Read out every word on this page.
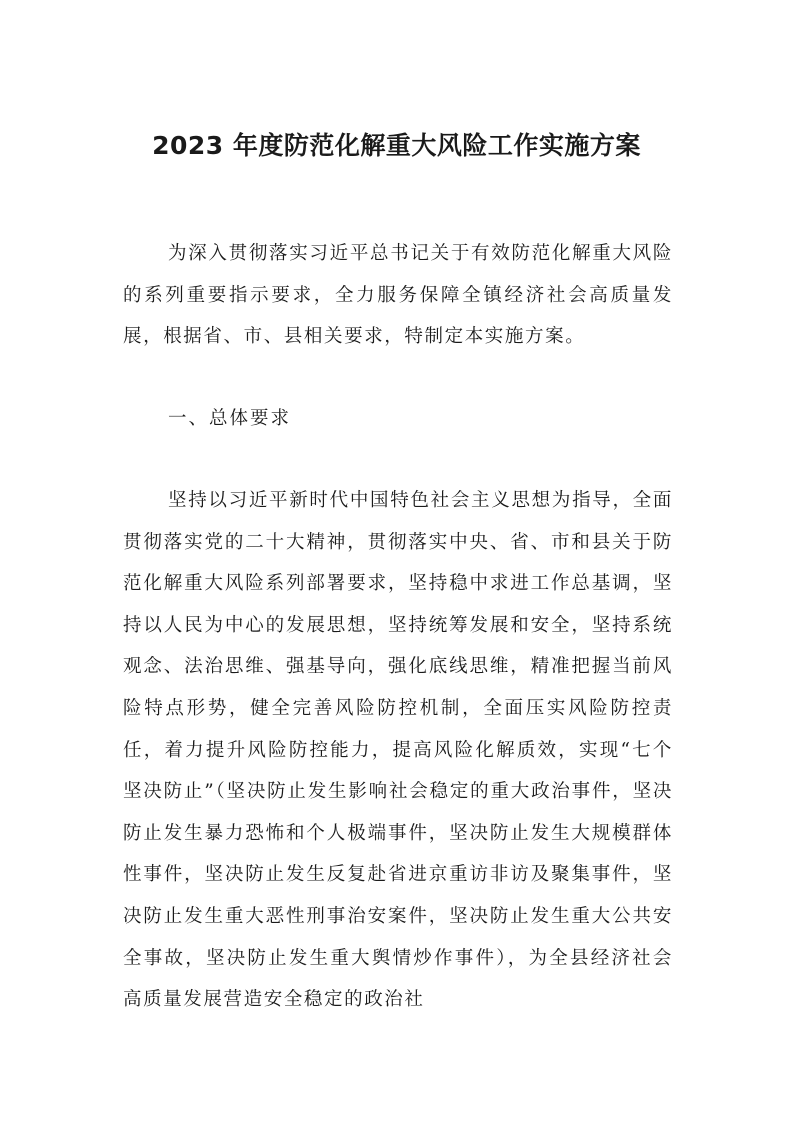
2023 年度防范化解重大风险工作实施方案

为深入贯彻落实习近平总书记关于有效防范化解重大风险的系列重要指示要求，全力服务保障全镇经济社会高质量发展，根据省、市、县相关要求，特制定本实施方案。

一、总体要求

坚持以习近平新时代中国特色社会主义思想为指导，全面贯彻落实党的二十大精神，贯彻落实中央、省、市和县关于防范化解重大风险系列部署要求，坚持稳中求进工作总基调，坚持以人民为中心的发展思想，坚持统筹发展和安全，坚持系统观念、法治思维、强基导向，强化底线思维，精准把握当前风险特点形势，健全完善风险防控机制，全面压实风险防控责任，着力提升风险防控能力，提高风险化解质效，实现“七个坚决防止”（坚决防止发生影响社会稳定的重大政治事件，坚决防止发生暴力恐怖和个人极端事件，坚决防止发生大规模群体性事件，坚决防止发生反复赴省进京重访非访及聚集事件，坚决防止发生重大恶性刑事治安案件，坚决防止发生重大公共安全事故，坚决防止发生重大舆情炒作事件），为全县经济社会高质量发展营造安全稳定的政治社
